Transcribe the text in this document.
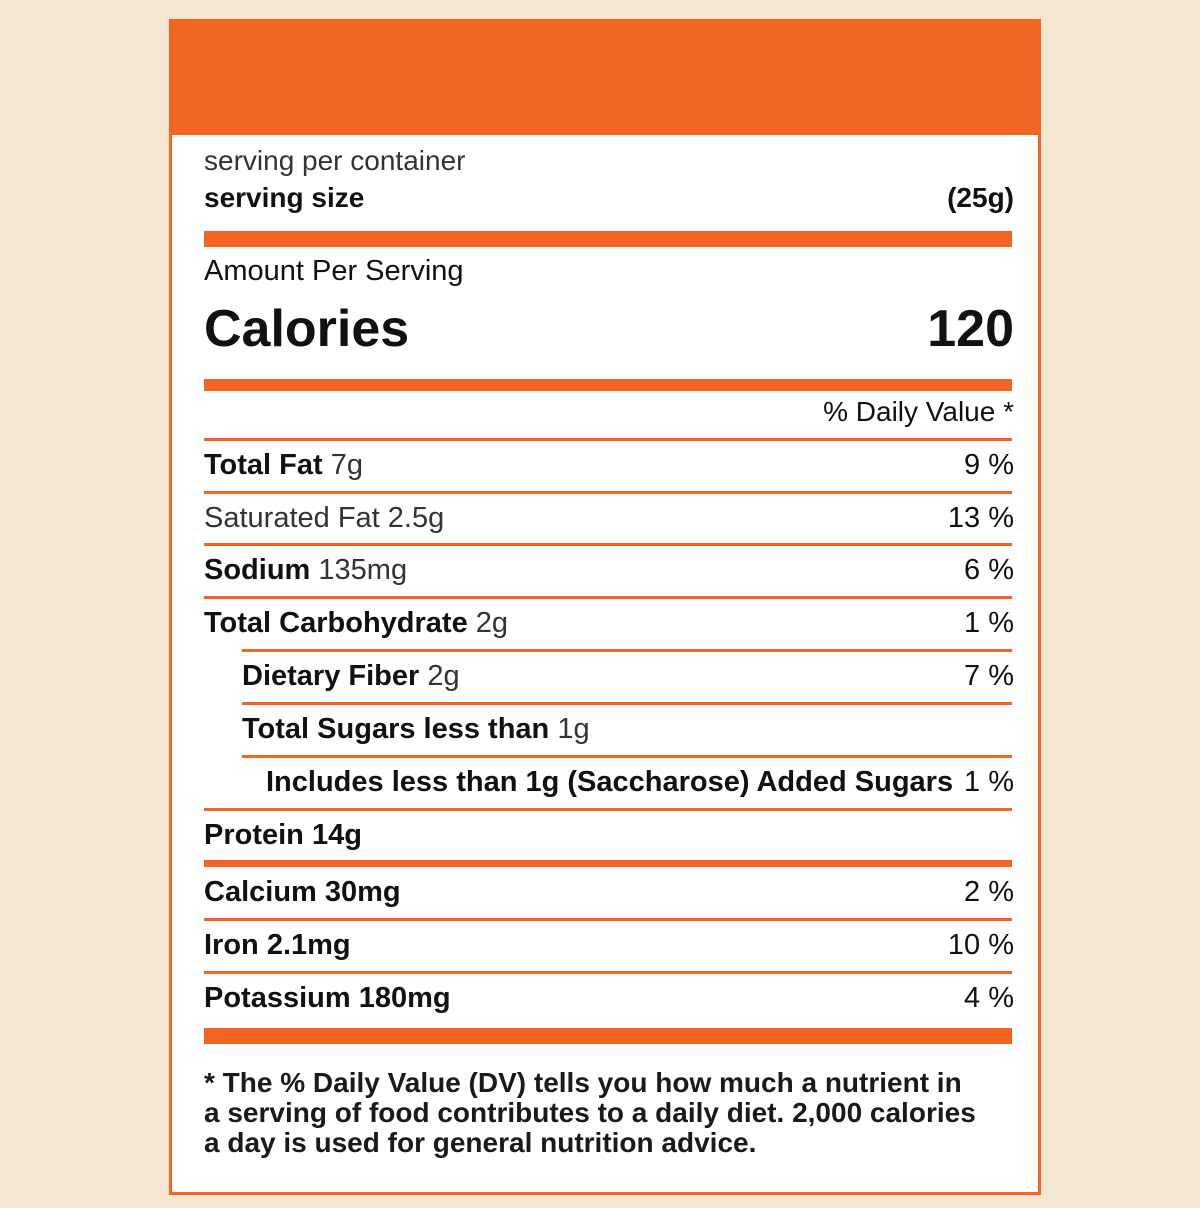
serving per container
serving size	(25g)
Amount Per Serving
Calories	120
% Daily Value *
Total Fat 7g	9 %
Saturated Fat 2.5g	13 %
Sodium 135mg	6 %
Total Carbohydrate 2g	1 %
Dietary Fiber 2g	7 %
Total Sugars less than 1g
Includes less than 1g (Saccharose) Added Sugars 1 %
Protein 14g
Calcium 30mg	2 %
Iron 2.1mg	10 %
Potassium 180mg	4 %
* The % Daily Value (DV) tells you how much a nutrient in
a serving of food contributes to a daily diet. 2,000 calories
a day is used for general nutrition advice.
